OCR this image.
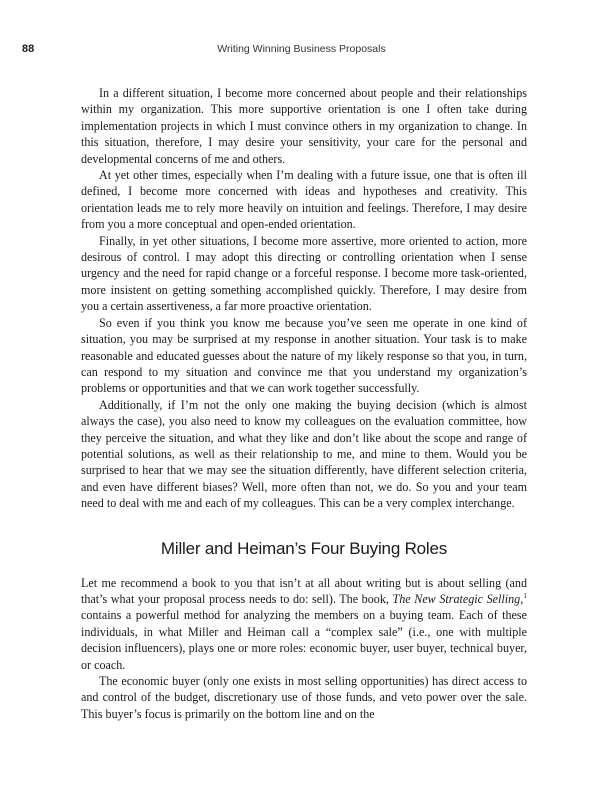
88	Writing Winning Business Proposals

In a different situation, I become more concerned about people and their relationships within my organization. This more supportive orientation is one I often take during implementation projects in which I must convince others in my organization to change. In this situation, therefore, I may desire your sensitivity, your care for the personal and developmental concerns of me and others.

At yet other times, especially when I’m dealing with a future issue, one that is often ill defined, I become more concerned with ideas and hypotheses and creativity. This orientation leads me to rely more heavily on intuition and feelings. Therefore, I may desire from you a more conceptual and open-ended orientation.

Finally, in yet other situations, I become more assertive, more oriented to action, more desirous of control. I may adopt this directing or controlling orientation when I sense urgency and the need for rapid change or a forceful response. I become more task-oriented, more insistent on getting something accomplished quickly. Therefore, I may desire from you a certain assertiveness, a far more proactive orientation.

So even if you think you know me because you’ve seen me operate in one kind of situation, you may be surprised at my response in another situation. Your task is to make reasonable and educated guesses about the nature of my likely response so that you, in turn, can respond to my situation and convince me that you understand my organization’s problems or opportunities and that we can work together successfully.

Additionally, if I’m not the only one making the buying decision (which is almost always the case), you also need to know my colleagues on the evaluation committee, how they perceive the situation, and what they like and don’t like about the scope and range of potential solutions, as well as their relationship to me, and mine to them. Would you be surprised to hear that we may see the situation differently, have different selection criteria, and even have different biases? Well, more often than not, we do. So you and your team need to deal with me and each of my colleagues. This can be a very complex interchange.

Miller and Heiman’s Four Buying Roles

Let me recommend a book to you that isn’t at all about writing but is about selling (and that’s what your proposal process needs to do: sell). The book, The New Strategic Selling,$^1$ contains a powerful method for analyzing the members on a buying team. Each of these individuals, in what Miller and Heiman call a “complex sale” (i.e., one with multiple decision influencers), plays one or more roles: economic buyer, user buyer, technical buyer, or coach.

The economic buyer (only one exists in most selling opportunities) has direct access to and control of the budget, discretionary use of those funds, and veto power over the sale. This buyer’s focus is primarily on the bottom line and on the
